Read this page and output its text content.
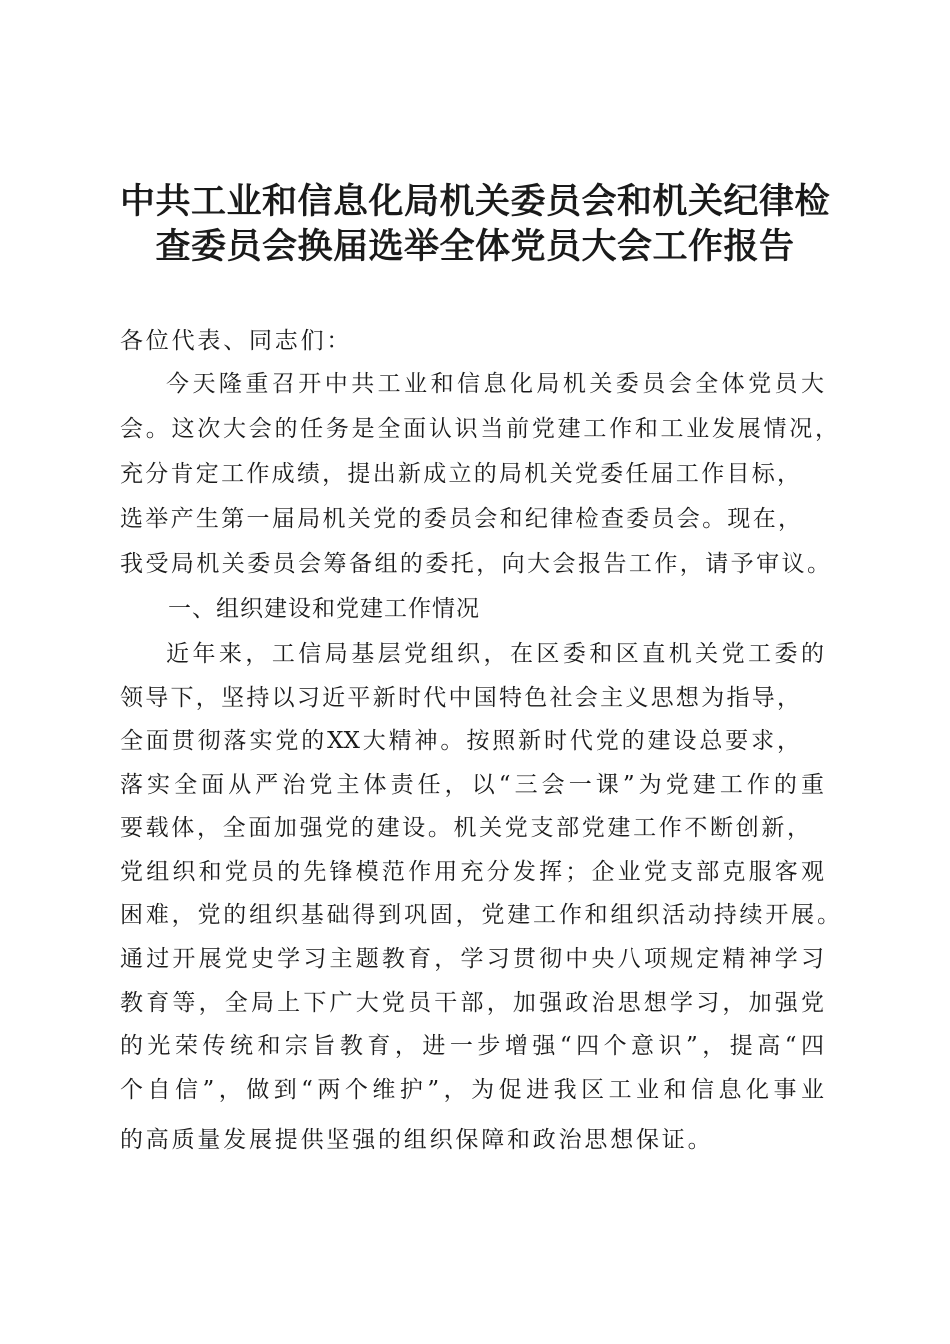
中共工业和信息化局机关委员会和机关纪律检
查委员会换届选举全体党员大会工作报告
各位代表、同志们：
今天隆重召开中共工业和信息化局机关委员会全体党员大
会。这次大会的任务是全面认识当前党建工作和工业发展情况，
充分肯定工作成绩，提出新成立的局机关党委任届工作目标，
选举产生第一届局机关党的委员会和纪律检查委员会。现在，
我受局机关委员会筹备组的委托，向大会报告工作，请予审议。
一、组织建设和党建工作情况
近年来，工信局基层党组织，在区委和区直机关党工委的
领导下，坚持以习近平新时代中国特色社会主义思想为指导，
全面贯彻落实党的XX大精神。按照新时代党的建设总要求，
落实全面从严治党主体责任，以“三会一课”为党建工作的重
要载体，全面加强党的建设。机关党支部党建工作不断创新，
党组织和党员的先锋模范作用充分发挥；企业党支部克服客观
困难，党的组织基础得到巩固，党建工作和组织活动持续开展。
通过开展党史学习主题教育，学习贯彻中央八项规定精神学习
教育等，全局上下广大党员干部，加强政治思想学习，加强党
的光荣传统和宗旨教育，进一步增强“四个意识”，提高“四
个自信”，做到“两个维护”，为促进我区工业和信息化事业
的高质量发展提供坚强的组织保障和政治思想保证。
